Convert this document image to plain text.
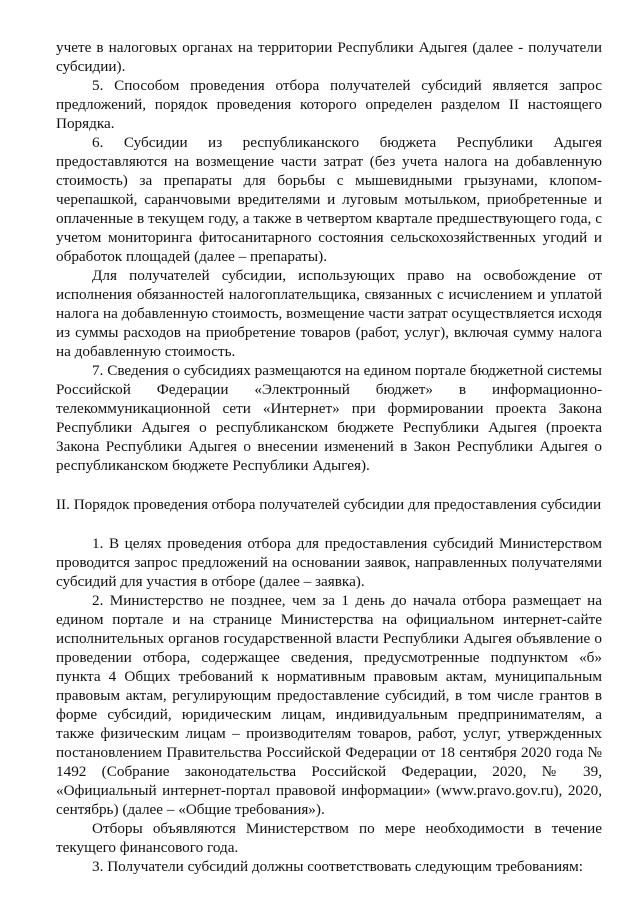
учете в налоговых органах на территории Республики Адыгея (далее - получатели субсидии).

5. Способом проведения отбора получателей субсидий является запрос предложений, порядок проведения которого определен разделом II настоящего Порядка.

6. Субсидии из республиканского бюджета Республики Адыгея предоставляются на возмещение части затрат (без учета налога на добавленную стоимость) за препараты для борьбы с мышевидными грызунами, клопом-черепашкой, саранчовыми вредителями и луговым мотыльком, приобретенные и оплаченные в текущем году, а также в четвертом квартале предшествующего года, с учетом мониторинга фитосанитарного состояния сельскохозяйственных угодий и обработок площадей (далее – препараты).

Для получателей субсидии, использующих право на освобождение от исполнения обязанностей налогоплательщика, связанных с исчислением и уплатой налога на добавленную стоимость, возмещение части затрат осуществляется исходя из суммы расходов на приобретение товаров (работ, услуг), включая сумму налога на добавленную стоимость.

7. Сведения о субсидиях размещаются на едином портале бюджетной системы Российской Федерации «Электронный бюджет» в информационно-телекоммуникационной сети «Интернет» при формировании проекта Закона Республики Адыгея о республиканском бюджете Республики Адыгея (проекта Закона Республики Адыгея о внесении изменений в Закон Республики Адыгея о республиканском бюджете Республики Адыгея).

II. Порядок проведения отбора получателей субсидии для предоставления субсидии

1. В целях проведения отбора для предоставления субсидий Министерством проводится запрос предложений на основании заявок, направленных получателями субсидий для участия в отборе (далее – заявка).

2. Министерство не позднее, чем за 1 день до начала отбора размещает на едином портале и на странице Министерства на официальном интернет-сайте исполнительных органов государственной власти Республики Адыгея объявление о проведении отбора, содержащее сведения, предусмотренные подпунктом «б» пункта 4 Общих требований к нормативным правовым актам, муниципальным правовым актам, регулирующим предоставление субсидий, в том числе грантов в форме субсидий, юридическим лицам, индивидуальным предпринимателям, а также физическим лицам – производителям товаров, работ, услуг, утвержденных постановлением Правительства Российской Федерации от 18 сентября 2020 года № 1492 (Собрание законодательства Российской Федерации, 2020, № 39, «Официальный интернет-портал правовой информации» (www.pravo.gov.ru), 2020, сентябрь) (далее – «Общие требования»).

Отборы объявляются Министерством по мере необходимости в течение текущего финансового года.

3. Получатели субсидий должны соответствовать следующим требованиям:
